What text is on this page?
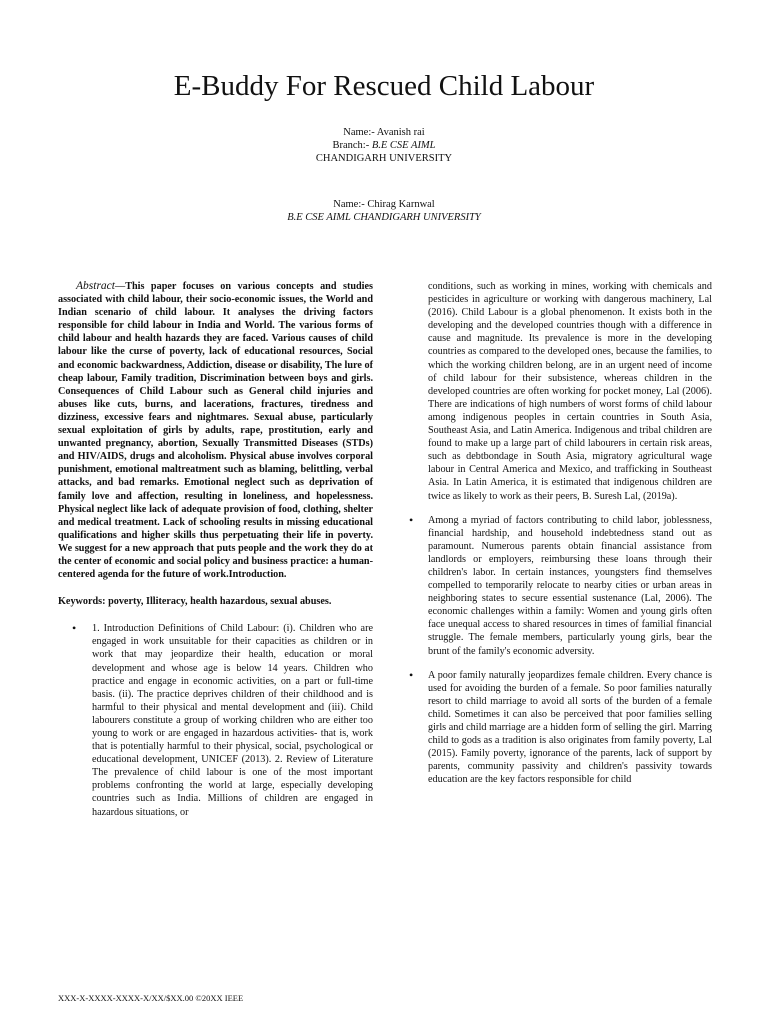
E-Buddy For Rescued Child Labour
Name:- Avanish rai
Branch:- B.E CSE AIML
CHANDIGARH UNIVERSITY
Name:- Chirag Karnwal
B.E CSE AIML CHANDIGARH UNIVERSITY

Abstract—This paper focuses on various concepts and studies associated with child labour, their socio-economic issues, the World and Indian scenario of child labour. It analyses the driving factors responsible for child labour in India and World. The various forms of child labour and health hazards they are faced. Various causes of child labour like the curse of poverty, lack of educational resources, Social and economic backwardness, Addiction, disease or disability, The lure of cheap labour, Family tradition, Discrimination between boys and girls. Consequences of Child Labour such as General child injuries and abuses like cuts, burns, and lacerations, fractures, tiredness and dizziness, excessive fears and nightmares. Sexual abuse, particularly sexual exploitation of girls by adults, rape, prostitution, early and unwanted pregnancy, abortion, Sexually Transmitted Diseases (STDs) and HIV/AIDS, drugs and alcoholism. Physical abuse involves corporal punishment, emotional maltreatment such as blaming, belittling, verbal attacks, and bad remarks. Emotional neglect such as deprivation of family love and affection, resulting in loneliness, and hopelessness. Physical neglect like lack of adequate provision of food, clothing, shelter and medical treatment. Lack of schooling results in missing educational qualifications and higher skills thus perpetuating their life in poverty. We suggest for a new approach that puts people and the work they do at the center of economic and social policy and business practice: a human-centered agenda for the future of work.Introduction.

Keywords: poverty, Illiteracy, health hazardous, sexual abuses.

• 1. Introduction Definitions of Child Labour: (i). Children who are engaged in work unsuitable for their capacities as children or in work that may jeopardize their health, education or moral development and whose age is below 14 years. Children who practice and engage in economic activities, on a part or full-time basis. (ii). The practice deprives children of their childhood and is harmful to their physical and mental development and (iii). Child labourers constitute a group of working children who are either too young to work or are engaged in hazardous activities- that is, work that is potentially harmful to their physical, social, psychological or educational development, UNICEF (2013). 2. Review of Literature The prevalence of child labour is one of the most important problems confronting the world at large, especially developing countries such as India. Millions of children are engaged in hazardous situations, or

conditions, such as working in mines, working with chemicals and pesticides in agriculture or working with dangerous machinery, Lal (2016). Child Labour is a global phenomenon. It exists both in the developing and the developed countries though with a difference in cause and magnitude. Its prevalence is more in the developing countries as compared to the developed ones, because the families, to which the working children belong, are in an urgent need of income of child labour for their subsistence, whereas children in the developed countries are often working for pocket money, Lal (2006). There are indications of high numbers of worst forms of child labour among indigenous peoples in certain countries in South Asia, Southeast Asia, and Latin America. Indigenous and tribal children are found to make up a large part of child labourers in certain risk areas, such as debtbondage in South Asia, migratory agricultural wage labour in Central America and Mexico, and trafficking in Southeast Asia. In Latin America, it is estimated that indigenous children are twice as likely to work as their peers, B. Suresh Lal, (2019a).

• Among a myriad of factors contributing to child labor, joblessness, financial hardship, and household indebtedness stand out as paramount. Numerous parents obtain financial assistance from landlords or employers, reimbursing these loans through their children's labor. In certain instances, youngsters find themselves compelled to temporarily relocate to nearby cities or urban areas in neighboring states to secure essential sustenance (Lal, 2006). The economic challenges within a family: Women and young girls often face unequal access to shared resources in times of familial financial struggle. The female members, particularly young girls, bear the brunt of the family's economic adversity.
• A poor family naturally jeopardizes female children. Every chance is used for avoiding the burden of a female. So poor families naturally resort to child marriage to avoid all sorts of the burden of a female child. Sometimes it can also be perceived that poor families selling girls and child marriage are a hidden form of selling the girl. Marring child to gods as a tradition is also originates from family poverty, Lal (2015). Family poverty, ignorance of the parents, lack of support by parents, community passivity and children's passivity towards education are the key factors responsible for child
XXX-X-XXXX-XXXX-X/XX/$XX.00 ©20XX IEEE
